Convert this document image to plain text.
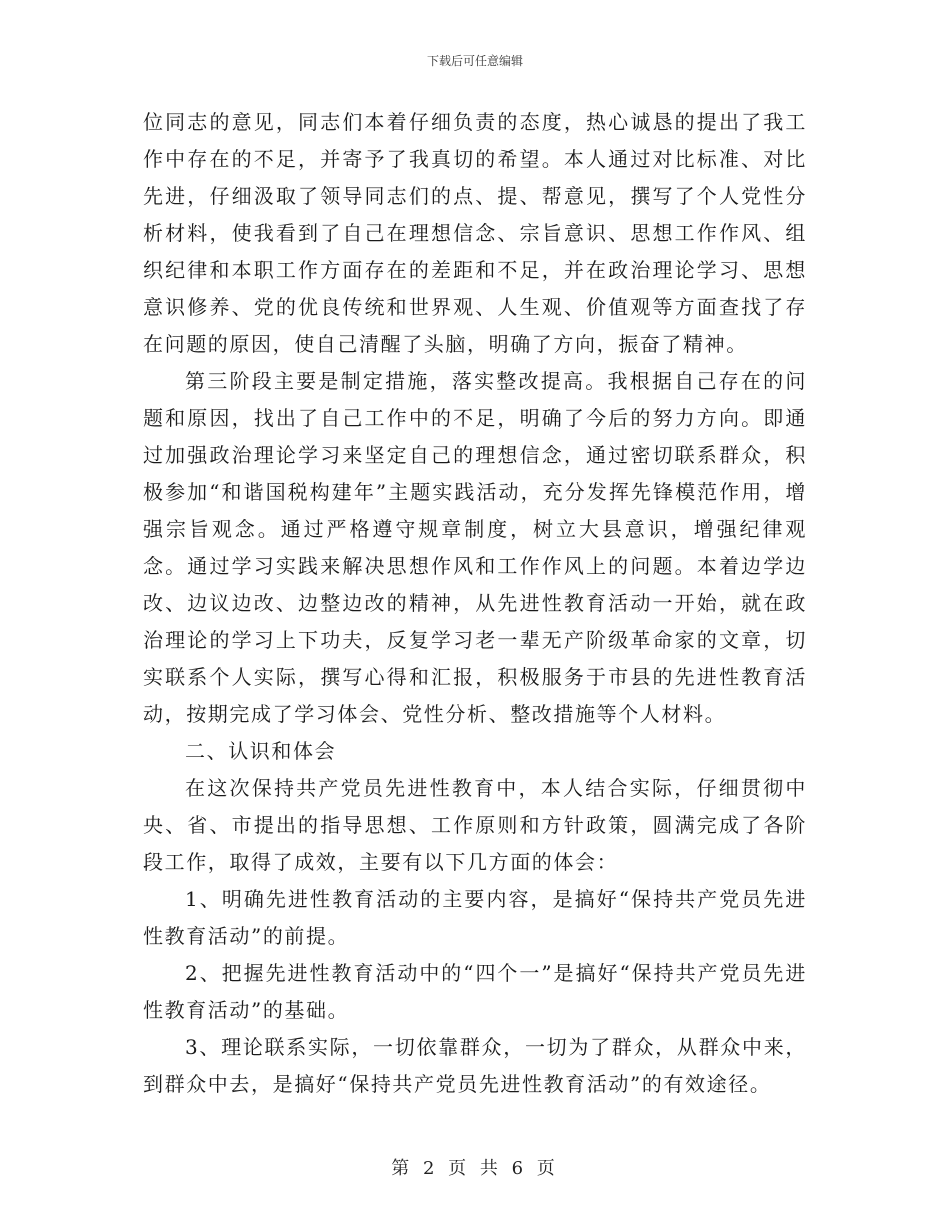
下载后可任意编辑

位同志的意见，同志们本着仔细负责的态度，热心诚恳的提出了我工作中存在的不足，并寄予了我真切的希望。本人通过对比标准、对比先进，仔细汲取了领导同志们的点、提、帮意见，撰写了个人党性分析材料，使我看到了自己在理想信念、宗旨意识、思想工作作风、组织纪律和本职工作方面存在的差距和不足，并在政治理论学习、思想意识修养、党的优良传统和世界观、人生观、价值观等方面查找了存在问题的原因，使自己清醒了头脑，明确了方向，振奋了精神。

第三阶段主要是制定措施，落实整改提高。我根据自己存在的问题和原因，找出了自己工作中的不足，明确了今后的努力方向。即通过加强政治理论学习来坚定自己的理想信念，通过密切联系群众，积极参加“和谐国税构建年”主题实践活动，充分发挥先锋模范作用，增强宗旨观念。通过严格遵守规章制度，树立大县意识，增强纪律观念。通过学习实践来解决思想作风和工作作风上的问题。本着边学边改、边议边改、边整边改的精神，从先进性教育活动一开始，就在政治理论的学习上下功夫，反复学习老一辈无产阶级革命家的文章，切实联系个人实际，撰写心得和汇报，积极服务于市县的先进性教育活动，按期完成了学习体会、党性分析、整改措施等个人材料。

二、认识和体会

在这次保持共产党员先进性教育中，本人结合实际，仔细贯彻中央、省、市提出的指导思想、工作原则和方针政策，圆满完成了各阶段工作，取得了成效，主要有以下几方面的体会：

1、明确先进性教育活动的主要内容，是搞好“保持共产党员先进性教育活动”的前提。

2、把握先进性教育活动中的“四个一”是搞好“保持共产党员先进性教育活动”的基础。

3、理论联系实际，一切依靠群众，一切为了群众，从群众中来，到群众中去，是搞好“保持共产党员先进性教育活动”的有效途径。

第 2 页 共 6 页
